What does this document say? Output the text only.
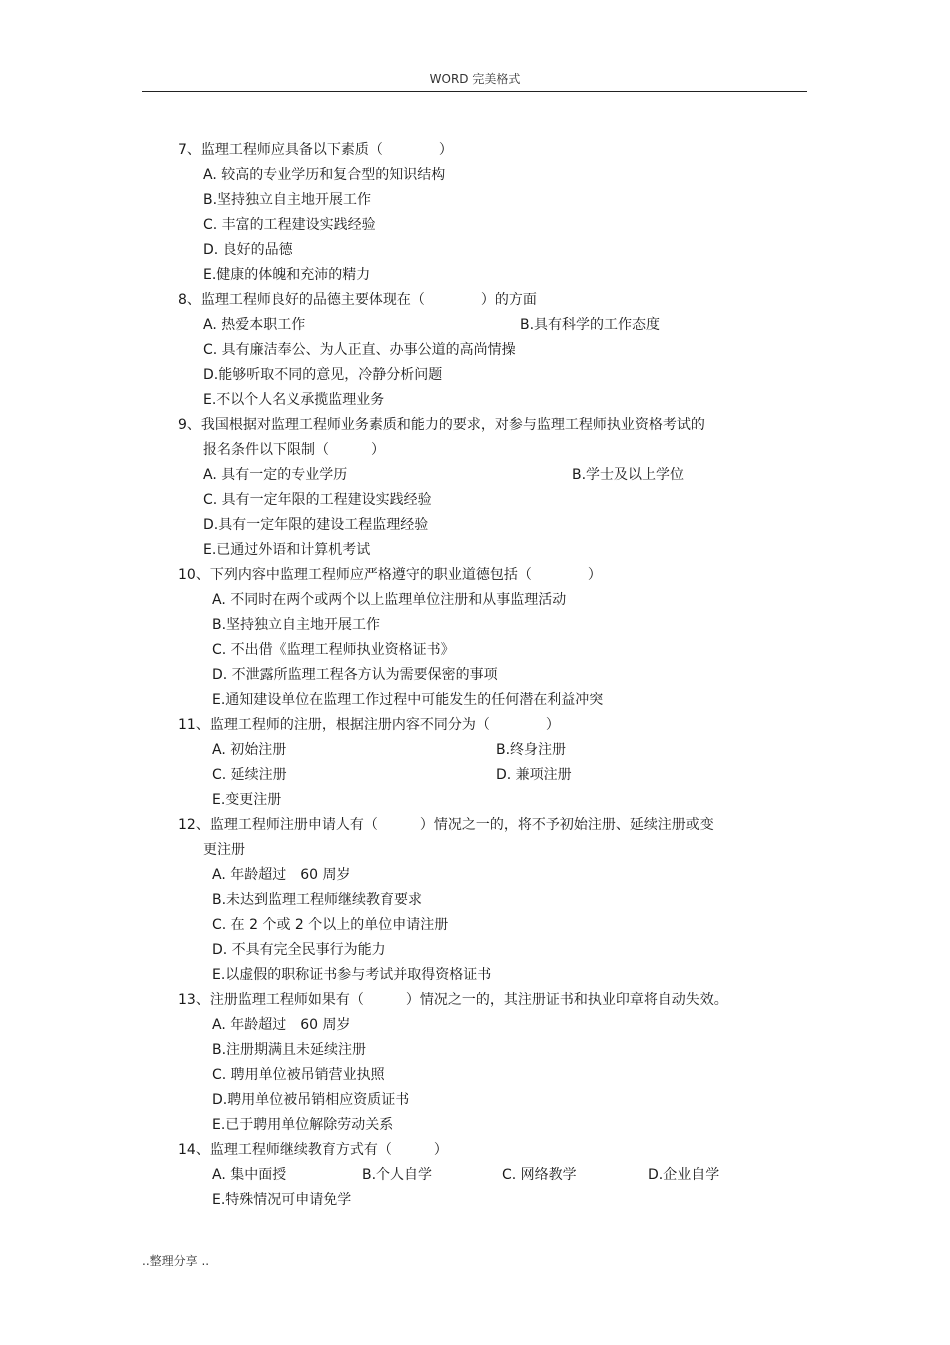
WORD 完美格式
7、监理工程师应具备以下素质（　　　　）
A. 较高的专业学历和复合型的知识结构
B.坚持独立自主地开展工作
C. 丰富的工程建设实践经验
D. 良好的品德
E.健康的体魄和充沛的精力
8、监理工程师良好的品德主要体现在（　　　　）的方面
A. 热爱本职工作	B.具有科学的工作态度
C. 具有廉洁奉公、为人正直、办事公道的高尚情操
D.能够听取不同的意见，冷静分析问题
E.不以个人名义承揽监理业务
9、我国根据对监理工程师业务素质和能力的要求，对参与监理工程师执业资格考试的
报名条件以下限制（　　　）
A. 具有一定的专业学历	B.学士及以上学位
C. 具有一定年限的工程建设实践经验
D.具有一定年限的建设工程监理经验
E.已通过外语和计算机考试
10、下列内容中监理工程师应严格遵守的职业道德包括（　　　　）
A. 不同时在两个或两个以上监理单位注册和从事监理活动
B.坚持独立自主地开展工作
C. 不出借《监理工程师执业资格证书》
D. 不泄露所监理工程各方认为需要保密的事项
E.通知建设单位在监理工作过程中可能发生的任何潜在利益冲突
11、监理工程师的注册，根据注册内容不同分为（　　　　）
A. 初始注册	B.终身注册
C. 延续注册	D. 兼项注册
E.变更注册
12、监理工程师注册申请人有（　　　）情况之一的，将不予初始注册、延续注册或变
更注册
A. 年龄超过　60 周岁
B.未达到监理工程师继续教育要求
C. 在 2 个或 2 个以上的单位申请注册
D. 不具有完全民事行为能力
E.以虚假的职称证书参与考试并取得资格证书
13、注册监理工程师如果有（　　　）情况之一的，其注册证书和执业印章将自动失效。
A. 年龄超过　60 周岁
B.注册期满且未延续注册
C. 聘用单位被吊销营业执照
D.聘用单位被吊销相应资质证书
E.已于聘用单位解除劳动关系
14、监理工程师继续教育方式有（　　　）
A. 集中面授	B.个人自学	C. 网络教学	D.企业自学
E.特殊情况可申请免学
..整理分享 ..
